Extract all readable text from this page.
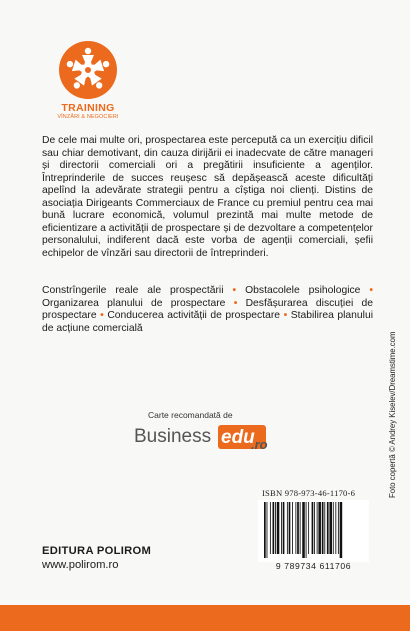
TRAINING
VÎNZĂRI & NEGOCIERI

De cele mai multe ori, prospectarea este percepută ca un exercițiu dificil sau chiar demotivant, din cauza dirijării ei inadecvate de către manageri și directorii comerciali ori a pregătirii insuficiente a agenților. Întreprinderile de succes reușesc să depășească aceste dificultăți apelînd la adevărate strategii pentru a cîștiga noi clienți. Distins de asociația Dirigeants Commerciaux de France cu premiul pentru cea mai bună lucrare economică, volumul prezintă mai multe metode de eficientizare a activității de prospectare și de dezvoltare a competențelor personalului, indiferent dacă este vorba de agenții comerciali, șefii echipelor de vînzări sau directorii de întreprinderi.

Constrîngerile reale ale prospectării • Obstacolele psihologice • Organizarea planului de prospectare • Desfășurarea discuției de prospectare • Conducerea activității de prospectare • Stabilirea planului de acțiune comercială

Carte recomandată de
Business edu
.ro
ISBN 978-973-46-1170-6
9 789734 611706
EDITURA POLIROM
www.polirom.ro
Foto copertă © Andrey Kiselev/Dreamstime.com
